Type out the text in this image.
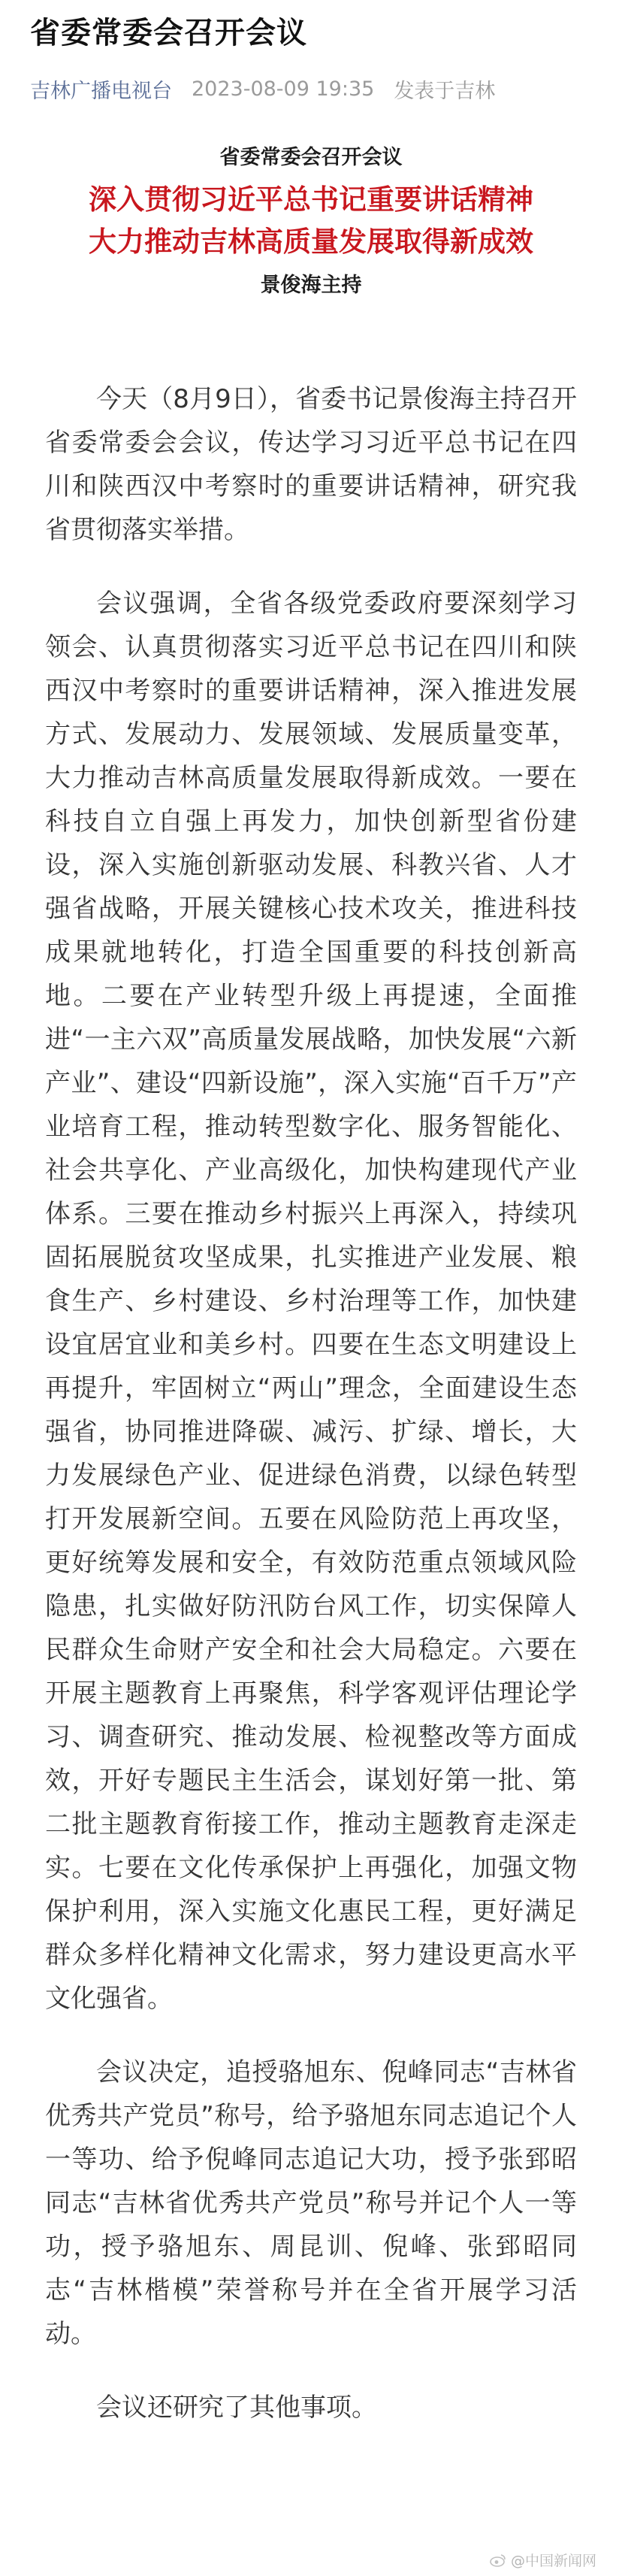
省委常委会召开会议
吉林广播电视台 2023-08-09 19:35 发表于吉林
省委常委会召开会议
深入贯彻习近平总书记重要讲话精神
大力推动吉林高质量发展取得新成效
景俊海主持

今天（8月9日），省委书记景俊海主持召开省委常委会会议，传达学习习近平总书记在四川和陕西汉中考察时的重要讲话精神，研究我省贯彻落实举措。

会议强调，全省各级党委政府要深刻学习领会、认真贯彻落实习近平总书记在四川和陕西汉中考察时的重要讲话精神，深入推进发展方式、发展动力、发展领域、发展质量变革，大力推动吉林高质量发展取得新成效。一要在科技自立自强上再发力，加快创新型省份建设，深入实施创新驱动发展、科教兴省、人才强省战略，开展关键核心技术攻关，推进科技成果就地转化，打造全国重要的科技创新高地。二要在产业转型升级上再提速，全面推进“一主六双”高质量发展战略，加快发展“六新产业”、建设“四新设施”，深入实施“百千万”产业培育工程，推动转型数字化、服务智能化、社会共享化、产业高级化，加快构建现代产业体系。三要在推动乡村振兴上再深入，持续巩固拓展脱贫攻坚成果，扎实推进产业发展、粮食生产、乡村建设、乡村治理等工作，加快建设宜居宜业和美乡村。四要在生态文明建设上再提升，牢固树立“两山”理念，全面建设生态强省，协同推进降碳、减污、扩绿、增长，大力发展绿色产业、促进绿色消费，以绿色转型打开发展新空间。五要在风险防范上再攻坚，更好统筹发展和安全，有效防范重点领域风险隐患，扎实做好防汛防台风工作，切实保障人民群众生命财产安全和社会大局稳定。六要在开展主题教育上再聚焦，科学客观评估理论学习、调查研究、推动发展、检视整改等方面成效，开好专题民主生活会，谋划好第一批、第二批主题教育衔接工作，推动主题教育走深走实。七要在文化传承保护上再强化，加强文物保护利用，深入实施文化惠民工程，更好满足群众多样化精神文化需求，努力建设更高水平文化强省。

会议决定，追授骆旭东、倪峰同志“吉林省优秀共产党员”称号，给予骆旭东同志追记个人一等功、给予倪峰同志追记大功，授予张郅昭同志“吉林省优秀共产党员”称号并记个人一等功，授予骆旭东、周昆训、倪峰、张郅昭同志“吉林楷模”荣誉称号并在全省开展学习活动。

会议还研究了其他事项。

@中国新闻网
